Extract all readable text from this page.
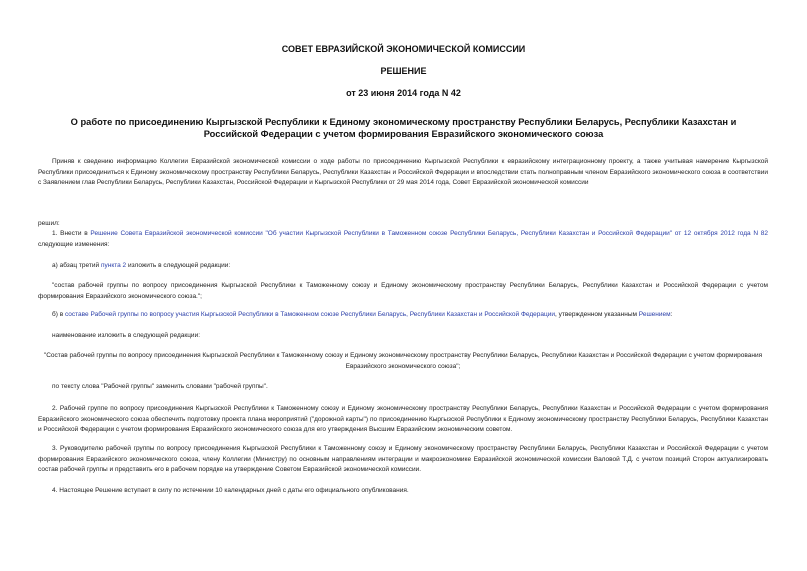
СОВЕТ ЕВРАЗИЙСКОЙ ЭКОНОМИЧЕСКОЙ КОМИССИИ
РЕШЕНИЕ
от 23 июня 2014 года N 42
О работе по присоединению Кыргызской Республики к Единому экономическому пространству Республики Беларусь, Республики Казахстан и Российской Федерации с учетом формирования Евразийского экономического союза

Приняв к сведению информацию Коллегии Евразийской экономической комиссии о ходе работы по присоединению Кыргызской Республики к евразийскому интеграционному проекту, а также учитывая намерение Кыргызской Республики присоединиться к Единому экономическому пространству Республики Беларусь, Республики Казахстан и Российской Федерации и впоследствии стать полноправным членом Евразийского экономического союза в соответствии с Заявлением глав Республики Беларусь, Республики Казахстан, Российской Федерации и Кыргызской Республики от 29 мая 2014 года, Совет Евразийской экономической комиссии

решил:

1. Внести в Решение Совета Евразийской экономической комиссии "Об участии Кыргызской Республики в Таможенном союзе Республики Беларусь, Республики Казахстан и Российской Федерации" от 12 октября 2012 года N 82 следующие изменения:

а) абзац третий пункта 2 изложить в следующей редакции:

"состав рабочей группы по вопросу присоединения Кыргызской Республики к Таможенному союзу и Единому экономическому пространству Республики Беларусь, Республики Казахстан и Российской Федерации с учетом формирования Евразийского экономического союза.";

б) в составе Рабочей группы по вопросу участия Кыргызской Республики в Таможенном союзе Республики Беларусь, Республики Казахстан и Российской Федерации, утвержденном указанным Решением:

наименование изложить в следующей редакции:

"Состав рабочей группы по вопросу присоединения Кыргызской Республики к Таможенному союзу и Единому экономическому пространству Республики Беларусь, Республики Казахстан и Российской Федерации с учетом формирования Евразийского экономического союза";

по тексту слова "Рабочей группы" заменить словами "рабочей группы".

2. Рабочей группе по вопросу присоединения Кыргызской Республики к Таможенному союзу и Единому экономическому пространству Республики Беларусь, Республики Казахстан и Российской Федерации с учетом формирования Евразийского экономического союза обеспечить подготовку проекта плана мероприятий ("дорожной карты") по присоединению Кыргызской Республики к Единому экономическому пространству Республики Беларусь, Республики Казахстан и Российской Федерации с учетом формирования Евразийского экономического союза для его утверждения Высшим Евразийским экономическим советом.

3. Руководителю рабочей группы по вопросу присоединения Кыргызской Республики к Таможенному союзу и Единому экономическому пространству Республики Беларусь, Республики Казахстан и Российской Федерации с учетом формирования Евразийского экономического союза, члену Коллегии (Министру) по основным направлениям интеграции и макроэкономике Евразийской экономической комиссии Валовой Т.Д. с учетом позиций Сторон актуализировать состав рабочей группы и представить его в рабочем порядке на утверждение Советом Евразийской экономической комиссии.

4. Настоящее Решение вступает в силу по истечении 10 календарных дней с даты его официального опубликования.
